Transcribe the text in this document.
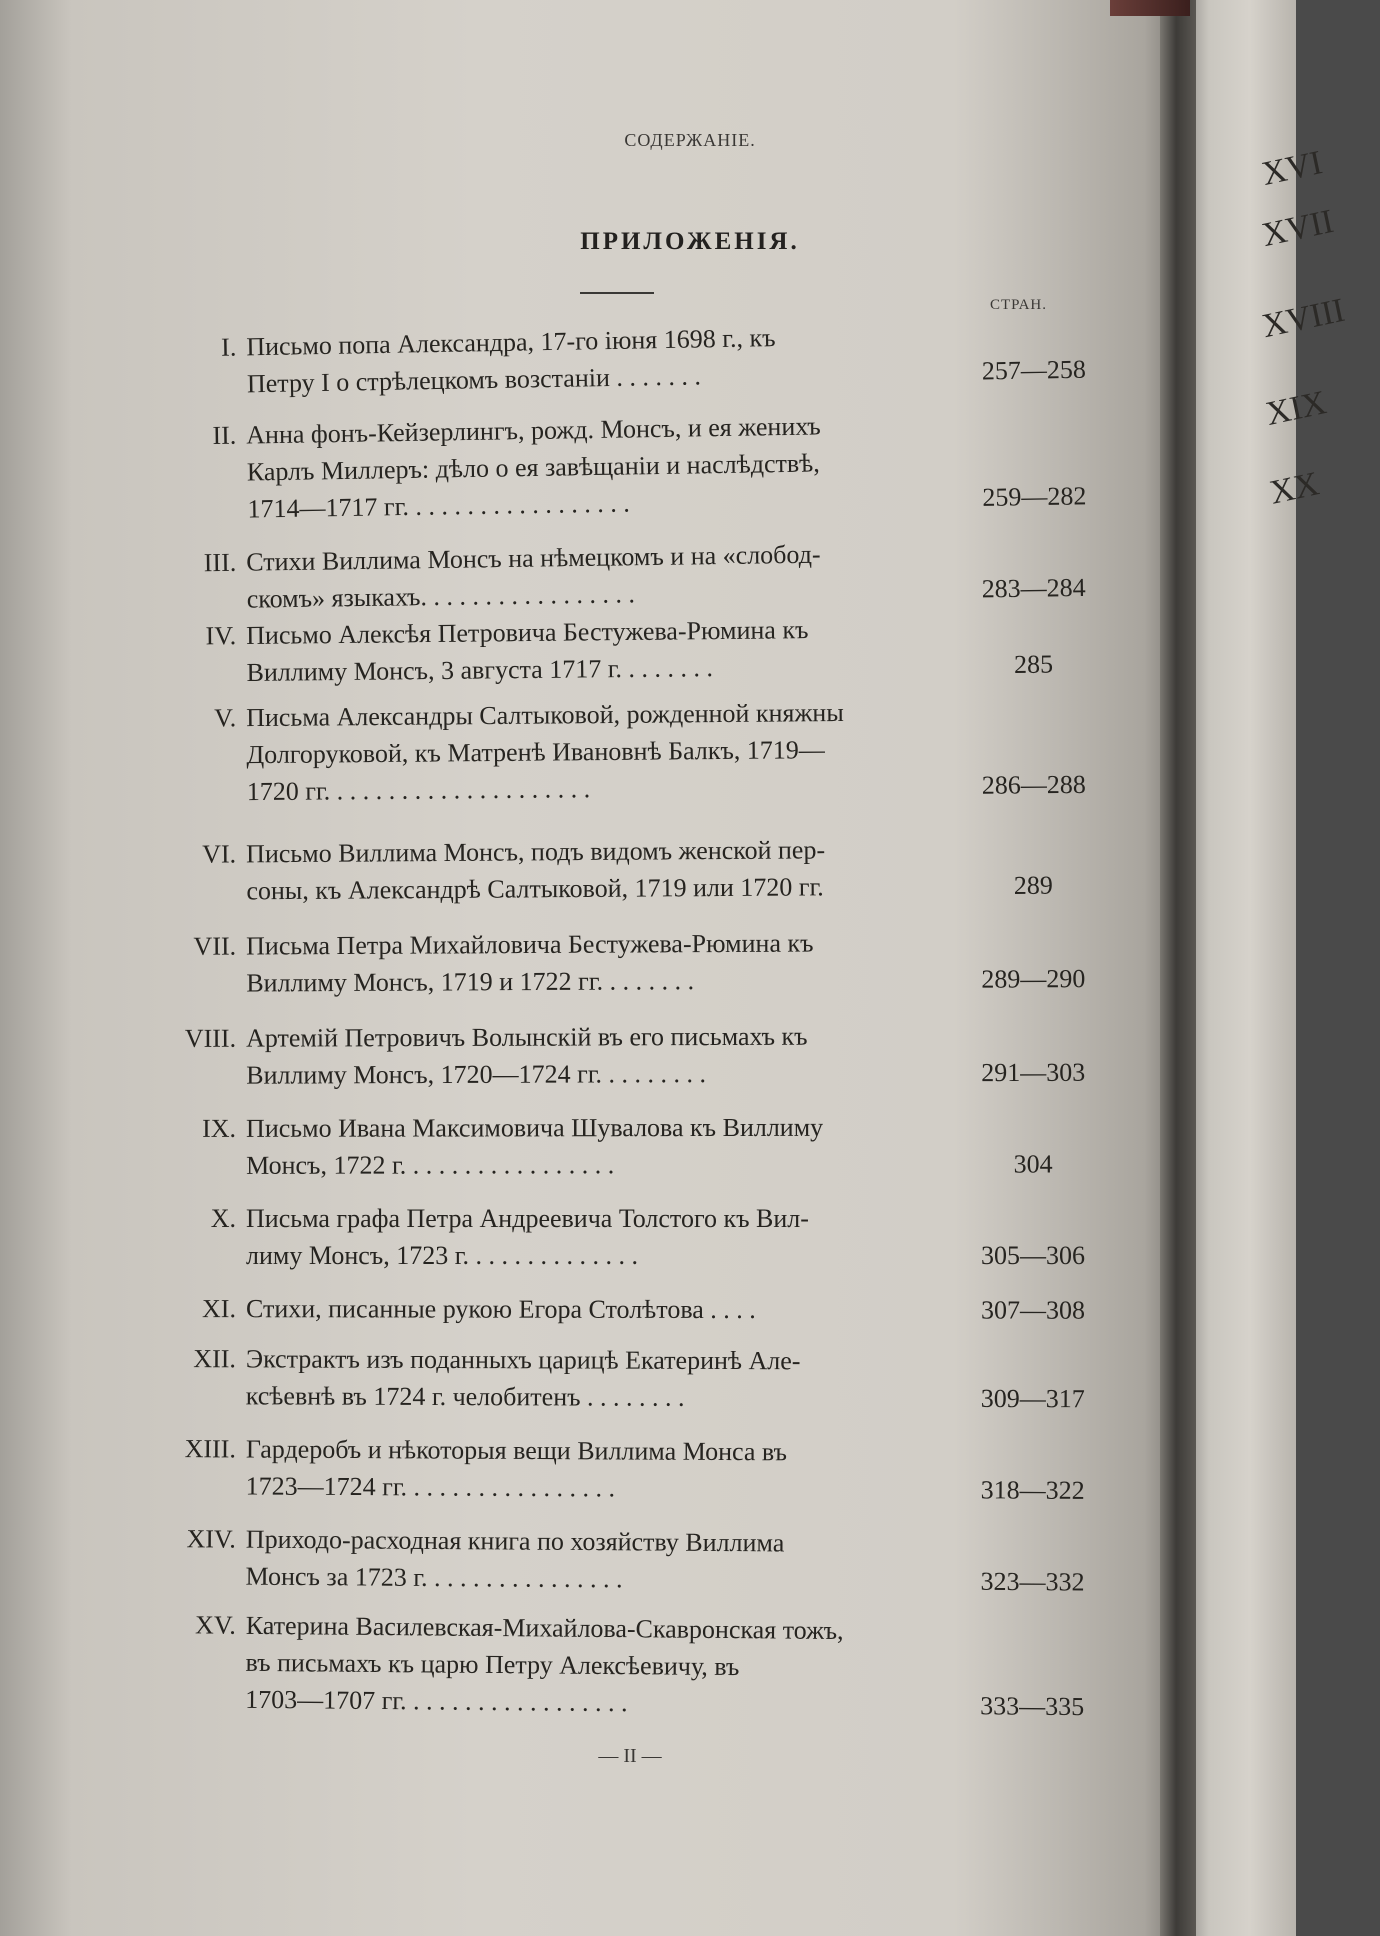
XVI
XVII
XVIII
XIX
XX
СОДЕРЖАНІЕ.
ПРИЛОЖЕНІЯ.
СТРАН.
I. Письмо попа Александра, 17-го іюня 1698 г., къ
Петру I о стрѣлецкомъ возстаніи . . . . . . .	257—258
II. Анна фонъ-Кейзерлингъ, рожд. Монсъ, и ея женихъ
Карлъ Миллеръ: дѣло о ея завѣщаніи и наслѣдствѣ,
1714—1717 гг. . . . . . . . . . . . . . . . . .	259—282
III. Стихи Виллима Монсъ на нѣмецкомъ и на «слобод-
скомъ» языкахъ. . . . . . . . . . . . . . . . .	283—284
IV. Письмо Алексѣя Петровича Бестужева-Рюмина къ
Виллиму Монсъ, 3 августа 1717 г. . . . . . . .	285
V. Письма Александры Салтыковой, рожденной княжны
Долгоруковой, къ Матренѣ Ивановнѣ Балкъ, 1719—
1720 гг. . . . . . . . . . . . . . . . . . . . .	286—288
VI. Письмо Виллима Монсъ, подъ видомъ женской пер-
соны, къ Александрѣ Салтыковой, 1719 или 1720 гг.	289
VII. Письма Петра Михайловича Бестужева-Рюмина къ
Виллиму Монсъ, 1719 и 1722 гг. . . . . . . .	289—290
VIII. Артемій Петровичъ Волынскій въ его письмахъ къ
Виллиму Монсъ, 1720—1724 гг. . . . . . . . .	291—303
IX. Письмо Ивана Максимовича Шувалова къ Виллиму
Монсъ, 1722 г. . . . . . . . . . . . . . . . .	304
X. Письма графа Петра Андреевича Толстого къ Вил-
лиму Монсъ, 1723 г. . . . . . . . . . . . . .	305—306
XI. Стихи, писанные рукою Егора Столѣтова . . . .	307—308
XII. Экстрактъ изъ поданныхъ царицѣ Екатеринѣ Але-
ксѣевнѣ въ 1724 г. челобитенъ . . . . . . . .	309—317
XIII. Гардеробъ и нѣкоторыя вещи Виллима Монса въ
1723—1724 гг. . . . . . . . . . . . . . . . .	318—322
XIV. Приходо-расходная книга по хозяйству Виллима
Монсъ за 1723 г. . . . . . . . . . . . . . . .	323—332
XV. Катерина Василевская-Михайлова-Скавронская тожъ,
въ письмахъ къ царю Петру Алексѣевичу, въ
1703—1707 гг. . . . . . . . . . . . . . . . . .	333—335
— II —
